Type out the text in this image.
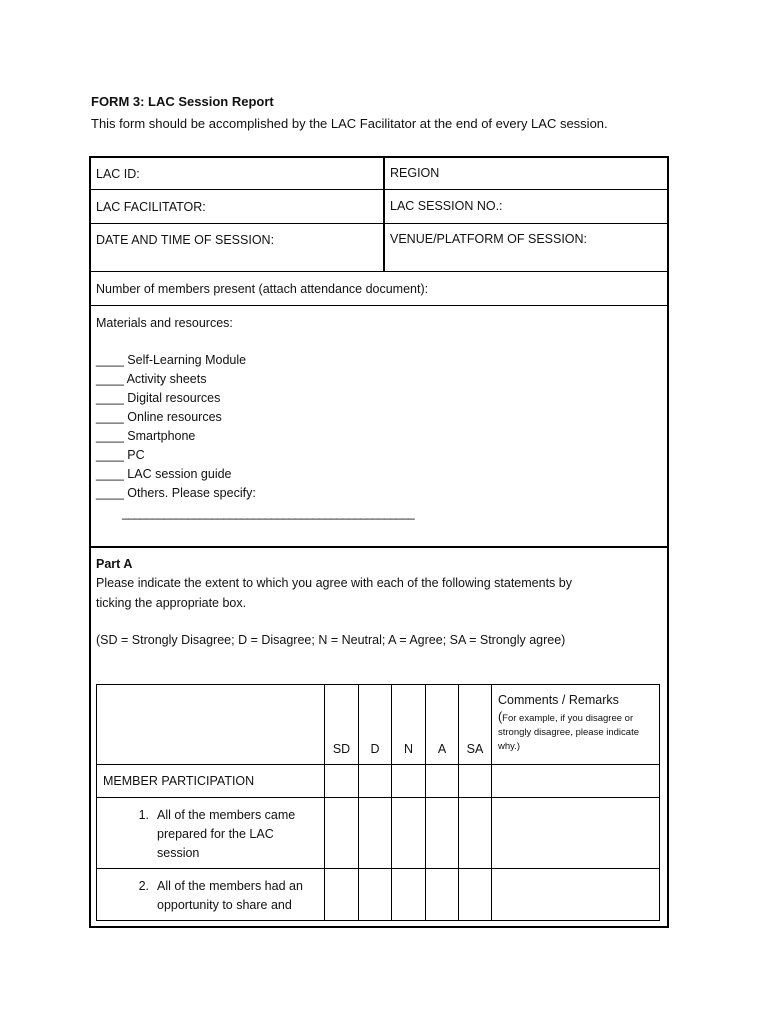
FORM 3: LAC Session Report
This form should be accomplished by the LAC Facilitator at the end of every LAC session.
LAC ID:	REGION
LAC FACILITATOR:	LAC SESSION NO.:
DATE AND TIME OF SESSION:	VENUE/PLATFORM OF SESSION:
Number of members present (attach attendance document):
Materials and resources:
____ Self-Learning Module
____ Activity sheets
____ Digital resources
____ Online resources
____ Smartphone
____ PC
____ LAC session guide
____ Others. Please specify:
_________________________________________________
Part A
Please indicate the extent to which you agree with each of the following statements by
ticking the appropriate box.
(SD = Strongly Disagree; D = Disagree; N = Neutral; A = Agree; SA = Strongly agree)
	SD	D	N	A	SA	Comments / Remarks
(For example, if you disagree or strongly disagree, please indicate why.)

MEMBER PARTICIPATION						

1. All of the members came prepared for the LAC session						

2. All of the members had an opportunity to share and						
